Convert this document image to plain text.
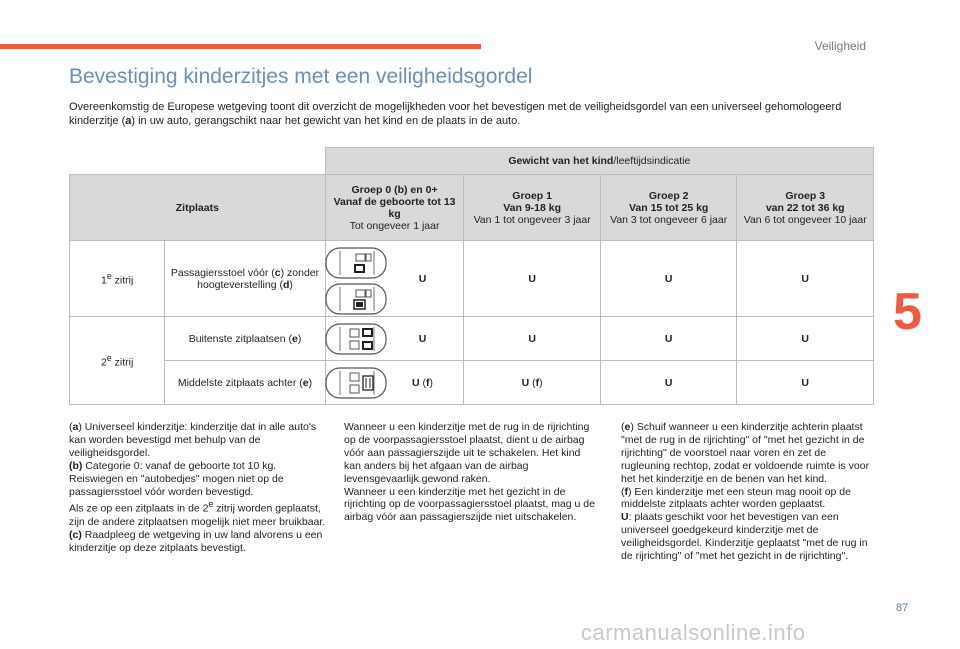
Veiligheid
5
Bevestiging kinderzitjes met een veiligheidsgordel
Overeenkomstig de Europese wetgeving toont dit overzicht de mogelijkheden voor het bevestigen met de veiligheidsgordel van een universeel gehomologeerd kinderzitje (a) in uw auto, gerangschikt naar het gewicht van het kind en de plaats in de auto.
		Gewicht van het kind/leeftijdsindicatie			
Zitplaats		Groep 0 (b) en 0+
Vanaf de geboorte tot 13 kg
Tot ongeveer 1 jaar	Groep 1
Van 9-18 kg
Van 1 tot ongeveer 3 jaar	Groep 2
Van 15 tot 25 kg
Van 3 tot ongeveer 6 jaar	Groep 3
van 22 tot 36 kg
Van 6 tot ongeveer 10 jaar
1e zitrij	Passagiersstoel vóór (c) zonder hoogteverstelling (d)	U	U	U	U
2e zitrij	Buitenste zitplaatsen (e)	U	U	U	U
	Middelste zitplaats achter (e)	U (f)	U (f)	U	U
(a) Universeel kinderzitje: kinderzitje dat in alle auto's kan worden bevestigd met behulp van de veiligheidsgordel.
(b) Categorie 0: vanaf de geboorte tot 10 kg. Reiswiegen en "autobedjes" mogen niet op de passagiersstoel vóór worden bevestigd.
Als ze op een zitplaats in de 2e zitrij worden geplaatst, zijn de andere zitplaatsen mogelijk niet meer bruikbaar.
(c) Raadpleeg de wetgeving in uw land alvorens u een kinderzitje op deze zitplaats bevestigt.
Wanneer u een kinderzitje met de rug in de rijrichting op de voorpassagiersstoel plaatst, dient u de airbag vóór aan passagierszijde uit te schakelen. Het kind kan anders bij het afgaan van de airbag levensgevaarlijk gewond raken.
Wanneer u een kinderzitje met het gezicht in de rijrichting op de voorpassagiersstoel plaatst, mag u de airbag vóór aan passagierszijde niet uitschakelen.
(e) Schuif wanneer u een kinderzitje achterin plaatst "met de rug in de rijrichting" of "met het gezicht in de rijrichting" de voorstoel naar voren en zet de rugleuning rechtop, zodat er voldoende ruimte is voor het het kinderzitje en de benen van het kind.
(f) Een kinderzitje met een steun mag nooit op de middelste zitplaats achter worden geplaatst.
U: plaats geschikt voor het bevestigen van een universeel goedgekeurd kinderzitje met de veiligheidsgordel. Kinderzitje geplaatst "met de rug in de rijrichting" of "met het gezicht in de rijrichting".
87
carmanualsonline.info
